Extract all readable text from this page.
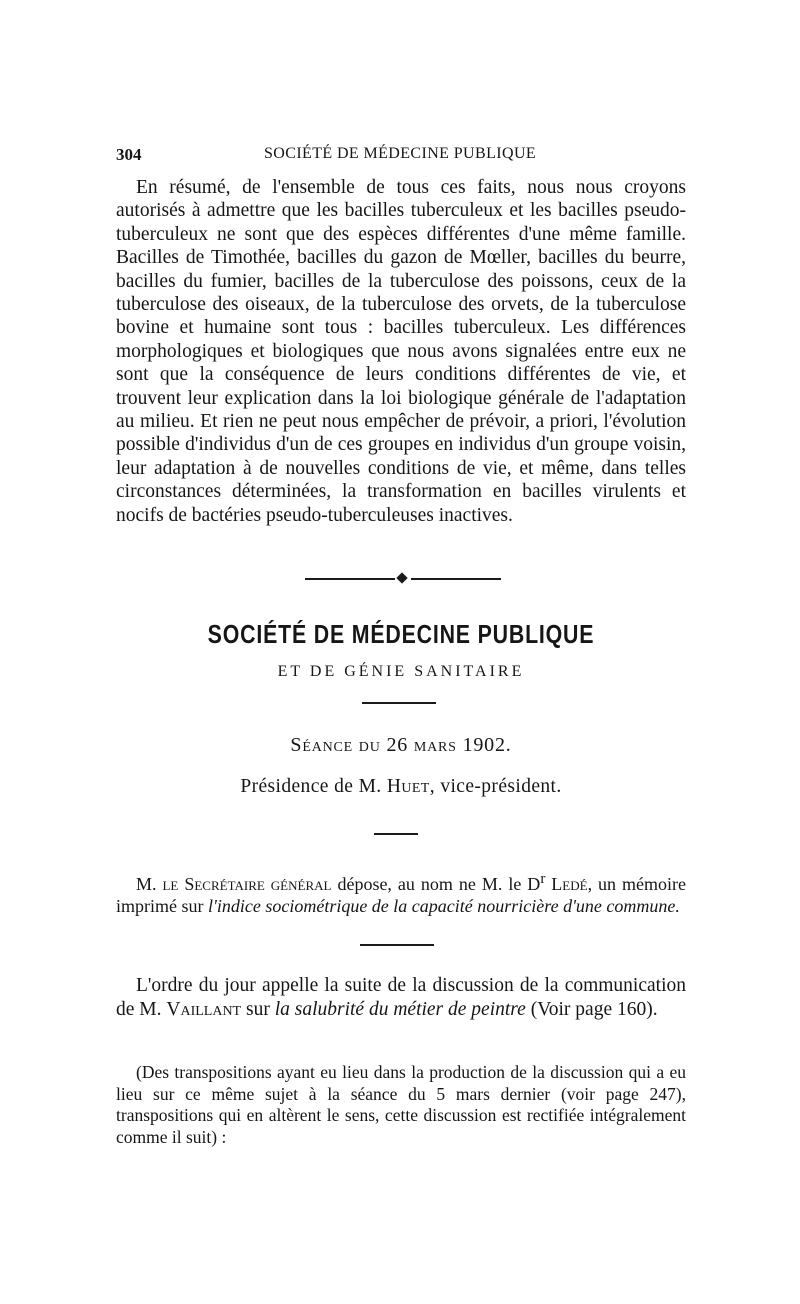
304	SOCIÉTÉ DE MÉDECINE PUBLIQUE

En résumé, de l'ensemble de tous ces faits, nous nous croyons autorisés à admettre que les bacilles tuberculeux et les bacilles pseudo-tuberculeux ne sont que des espèces différentes d'une même famille. Bacilles de Timothée, bacilles du gazon de Mœller, bacilles du beurre, bacilles du fumier, bacilles de la tuberculose des poissons, ceux de la tuberculose des oiseaux, de la tuberculose des orvets, de la tuberculose bovine et humaine sont tous : bacilles tuberculeux. Les différences morphologiques et biologiques que nous avons signalées entre eux ne sont que la conséquence de leurs conditions différentes de vie, et trouvent leur explication dans la loi biologique générale de l'adaptation au milieu. Et rien ne peut nous empêcher de prévoir, a priori, l'évolution possible d'individus d'un de ces groupes en individus d'un groupe voisin, leur adaptation à de nouvelles conditions de vie, et même, dans telles circonstances déterminées, la transformation en bacilles virulents et nocifs de bactéries pseudo-tuberculeuses inactives.

SOCIÉTÉ DE MÉDECINE PUBLIQUE
ET DE GÉNIE SANITAIRE
Séance du 26 mars 1902.
Présidence de M. Huet, vice-président.

M. le Secrétaire général dépose, au nom ne M. le $D^r$ Ledé, un mémoire imprimé sur l'indice sociométrique de la capacité nourricière d'une commune.

L'ordre du jour appelle la suite de la discussion de la communication de M. Vaillant sur la salubrité du métier de peintre (Voir page 160).

(Des transpositions ayant eu lieu dans la production de la discussion qui a eu lieu sur ce même sujet à la séance du 5 mars dernier (voir page 247), transpositions qui en altèrent le sens, cette discussion est rectifiée intégralement comme il suit) :
